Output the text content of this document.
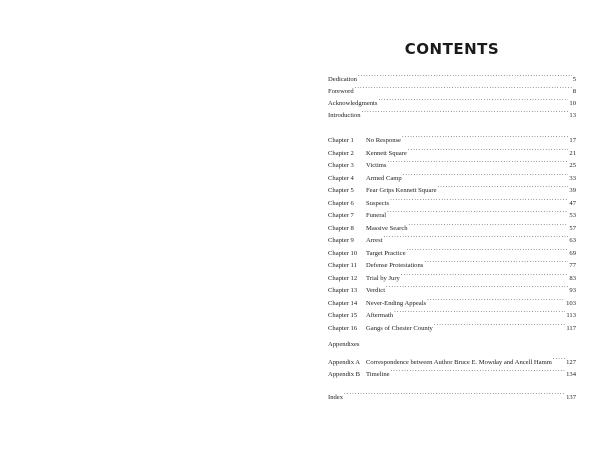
CONTENTS
Dedication . . .	5
Foreword . . .	8
Acknowledgments . . .	10
Introduction . . .	13
Chapter 1	No Response . . .	17
Chapter 2	Kennett Square . . .	21
Chapter 3	Victims . . .	25
Chapter 4	Armed Camp . . .	33
Chapter 5	Fear Grips Kennett Square . . .	39
Chapter 6	Suspects . . .	47
Chapter 7	Funeral . . .	53
Chapter 8	Massive Search . . .	57
Chapter 9	Arrest . . .	63
Chapter 10	Target Practice . . .	69
Chapter 11	Defense Protestations . . .	77
Chapter 12	Trial by Jury . . .	83
Chapter 13	Verdict . . .	93
Chapter 14	Never-Ending Appeals . . .	103
Chapter 15	Aftermath . . .	113
Chapter 16	Gangs of Chester County . . .	117
Appendixes
Appendix A Correspondence between Author Bruce E. Mowday and Ancell Hamm . . . 127
Appendix B Timeline . . .	134
Index . . .	137
